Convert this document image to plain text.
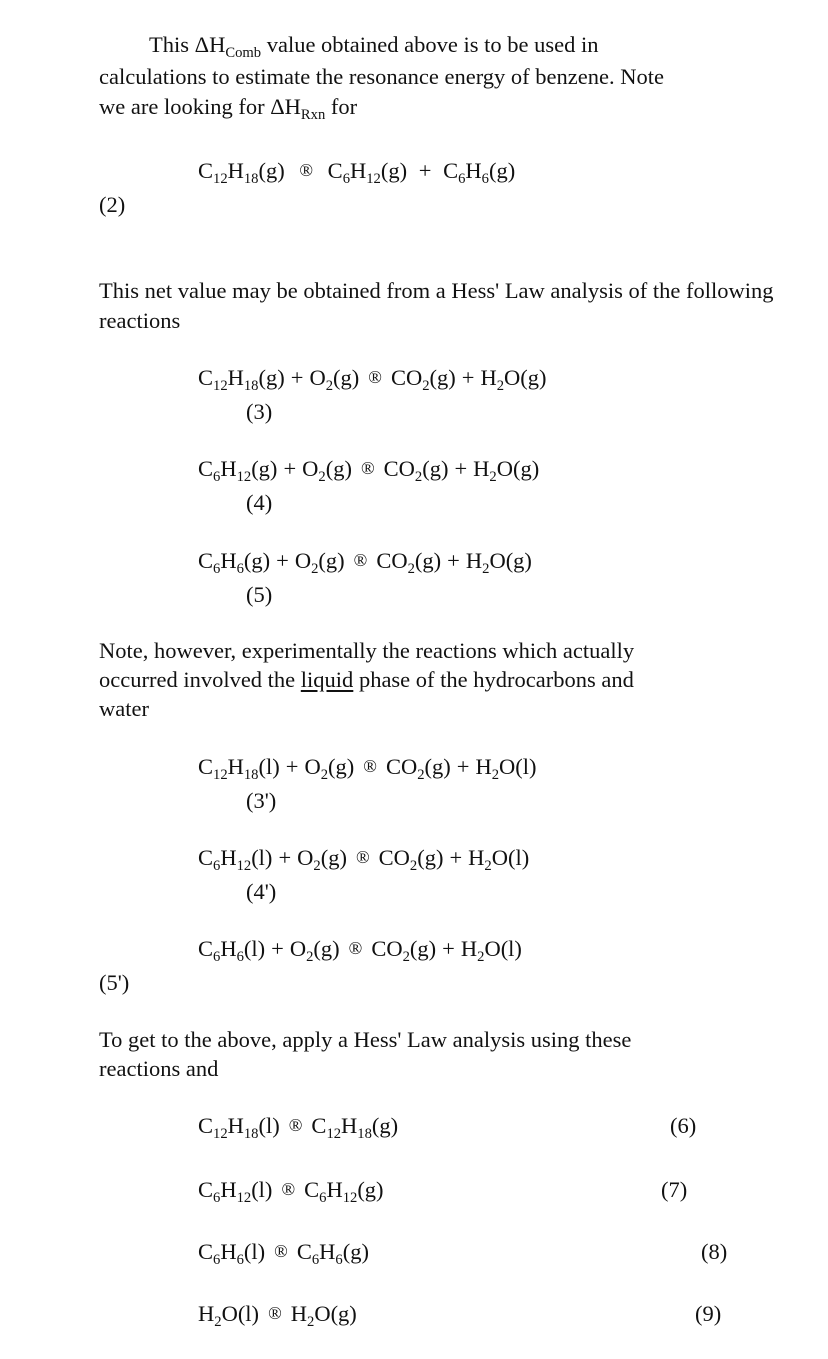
This $\Delta H_{Comb}$ value obtained above is to be used in
calculations to estimate the resonance energy of benzene. Note
we are looking for $\Delta H_{Rxn}$ for
$C_{12}H_{18}(g)$ ® $C_6H_{12}(g) + C_6H_6(g)$
(2)
This net value may be obtained from a Hess' Law analysis of the following reactions
$C_{12}H_{18}(g) + O_2(g)$ ® $CO_2(g) + H_2O(g)$
(3)
$C_6H_{12}(g) + O_2(g)$ ® $CO_2(g) + H_2O(g)$
(4)
$C_6H_6(g) + O_2(g)$ ® $CO_2(g) + H_2O(g)$
(5)
Note, however, experimentally the reactions which actually
occurred involved the liquid phase of the hydrocarbons and
water
$C_{12}H_{18}(l) + O_2(g)$ ® $CO_2(g) + H_2O(l)$
(3')
$C_6H_{12}(l) + O_2(g)$ ® $CO_2(g) + H_2O(l)$
(4')
$C_6H_6(l) + O_2(g)$ ® $CO_2(g) + H_2O(l)$
(5')
To get to the above, apply a Hess' Law analysis using these
reactions and
$C_{12}H_{18}(l)$ ® $C_{12}H_{18}(g)$	(6)
$C_6H_{12}(l)$ ® $C_6H_{12}(g)$	(7)
$C_6H_6(l)$ ® $C_6H_6(g)$	(8)
$H_2O(l)$ ® $H_2O(g)$	(9)
